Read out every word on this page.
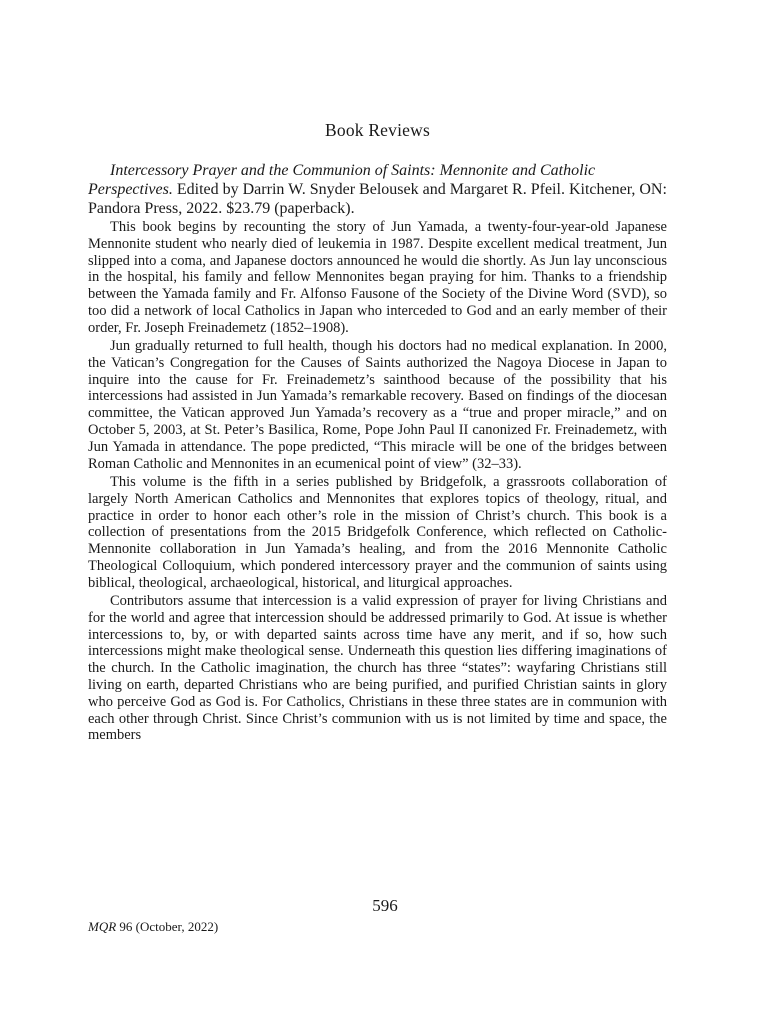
Book Reviews
Intercessory Prayer and the Communion of Saints: Mennonite and Catholic Perspectives. Edited by Darrin W. Snyder Belousek and Margaret R. Pfeil. Kitchener, ON: Pandora Press, 2022. $23.79 (paperback).

This book begins by recounting the story of Jun Yamada, a twenty-four-year-old Japanese Mennonite student who nearly died of leukemia in 1987. Despite excellent medical treatment, Jun slipped into a coma, and Japanese doctors announced he would die shortly. As Jun lay unconscious in the hospital, his family and fellow Mennonites began praying for him. Thanks to a friendship between the Yamada family and Fr. Alfonso Fausone of the Society of the Divine Word (SVD), so too did a network of local Catholics in Japan who interceded to God and an early member of their order, Fr. Joseph Freinademetz (1852–1908).

Jun gradually returned to full health, though his doctors had no medical explanation. In 2000, the Vatican’s Congregation for the Causes of Saints authorized the Nagoya Diocese in Japan to inquire into the cause for Fr. Freinademetz’s sainthood because of the possibility that his intercessions had assisted in Jun Yamada’s remarkable recovery. Based on findings of the diocesan committee, the Vatican approved Jun Yamada’s recovery as a “true and proper miracle,” and on October 5, 2003, at St. Peter’s Basilica, Rome, Pope John Paul II canonized Fr. Freinademetz, with Jun Yamada in attendance. The pope predicted, “This miracle will be one of the bridges between Roman Catholic and Mennonites in an ecumenical point of view” (32–33).

This volume is the fifth in a series published by Bridgefolk, a grassroots collaboration of largely North American Catholics and Mennonites that explores topics of theology, ritual, and practice in order to honor each other’s role in the mission of Christ’s church. This book is a collection of presentations from the 2015 Bridgefolk Conference, which reflected on Catholic-Mennonite collaboration in Jun Yamada’s healing, and from the 2016 Mennonite Catholic Theological Colloquium, which pondered intercessory prayer and the communion of saints using biblical, theological, archaeological, historical, and liturgical approaches.

Contributors assume that intercession is a valid expression of prayer for living Christians and for the world and agree that intercession should be addressed primarily to God. At issue is whether intercessions to, by, or with departed saints across time have any merit, and if so, how such intercessions might make theological sense. Underneath this question lies differing imaginations of the church. In the Catholic imagination, the church has three “states”: wayfaring Christians still living on earth, departed Christians who are being purified, and purified Christian saints in glory who perceive God as God is. For Catholics, Christians in these three states are in communion with each other through Christ. Since Christ’s communion with us is not limited by time and space, the members

596
MQR 96 (October, 2022)
